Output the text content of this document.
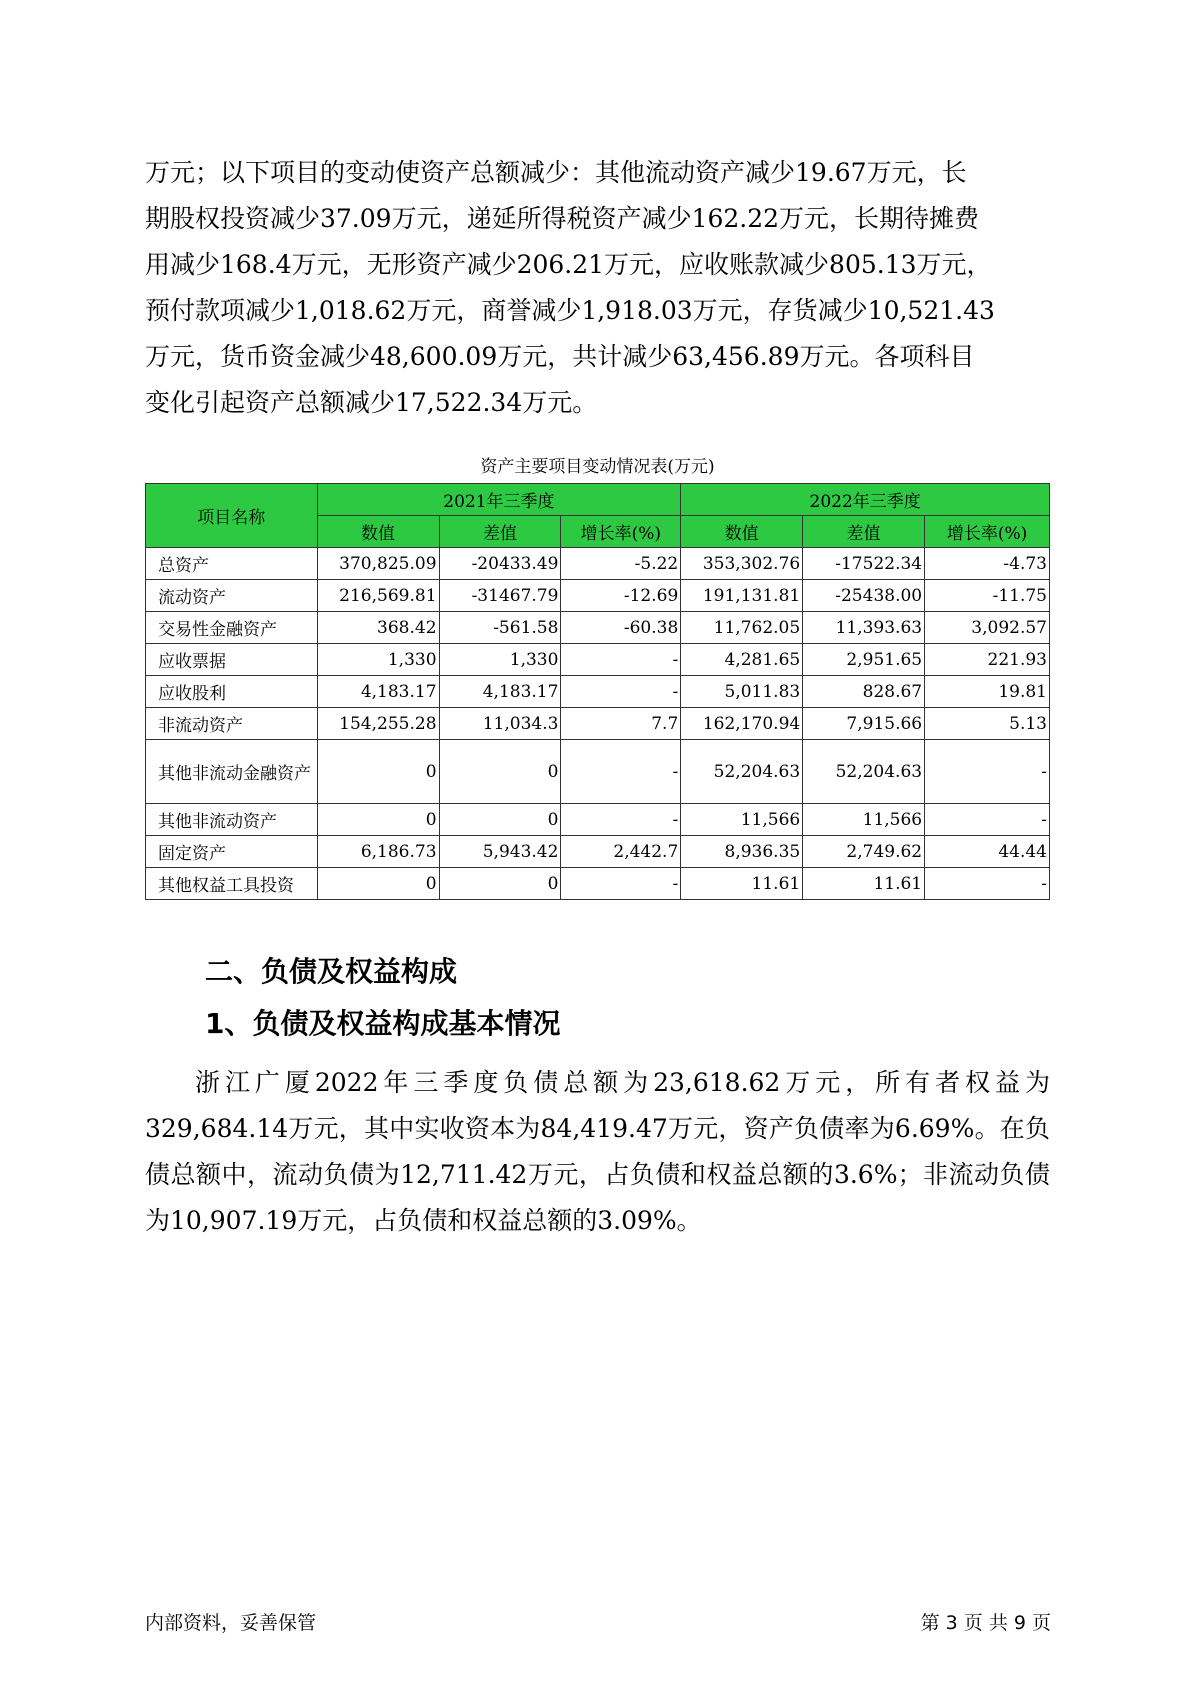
万元；以下项目的变动使资产总额减少：其他流动资产减少19.67万元，长
期股权投资减少37.09万元，递延所得税资产减少162.22万元，长期待摊费
用减少168.4万元，无形资产减少206.21万元，应收账款减少805.13万元，
预付款项减少1,018.62万元，商誉减少1,918.03万元，存货减少10,521.43
万元，货币资金减少48,600.09万元，共计减少63,456.89万元。各项科目
变化引起资产总额减少17,522.34万元。
资产主要项目变动情况表(万元)
项目名称	2021年三季度			2022年三季度		
	数值	差值	增长率(%)	数值	差值	增长率(%)
总资产	370,825.09	-20433.49	-5.22	353,302.76	-17522.34	-4.73
流动资产	216,569.81	-31467.79	-12.69	191,131.81	-25438.00	-11.75
交易性金融资产	368.42	-561.58	-60.38	11,762.05	11,393.63	3,092.57
应收票据	1,330	1,330	-	4,281.65	2,951.65	221.93
应收股利	4,183.17	4,183.17	-	5,011.83	828.67	19.81
非流动资产	154,255.28	11,034.3	7.7	162,170.94	7,915.66	5.13
其他非流动金融资产	0	0	-	52,204.63	52,204.63	-
其他非流动资产	0	0	-	11,566	11,566	-
固定资产	6,186.73	5,943.42	2,442.7	8,936.35	2,749.62	44.44
其他权益工具投资	0	0	-	11.61	11.61	-
二、负债及权益构成
1、负债及权益构成基本情况

浙江广厦2022年三季度负债总额为23,618.62万元，所有者权益为329,684.14万元，其中实收资本为84,419.47万元，资产负债率为6.69%。在负债总额中，流动负债为12,711.42万元，占负债和权益总额的3.6%；非流动负债为10,907.19万元，占负债和权益总额的3.09%。

内部资料，妥善保管	第 3 页 共 9 页
